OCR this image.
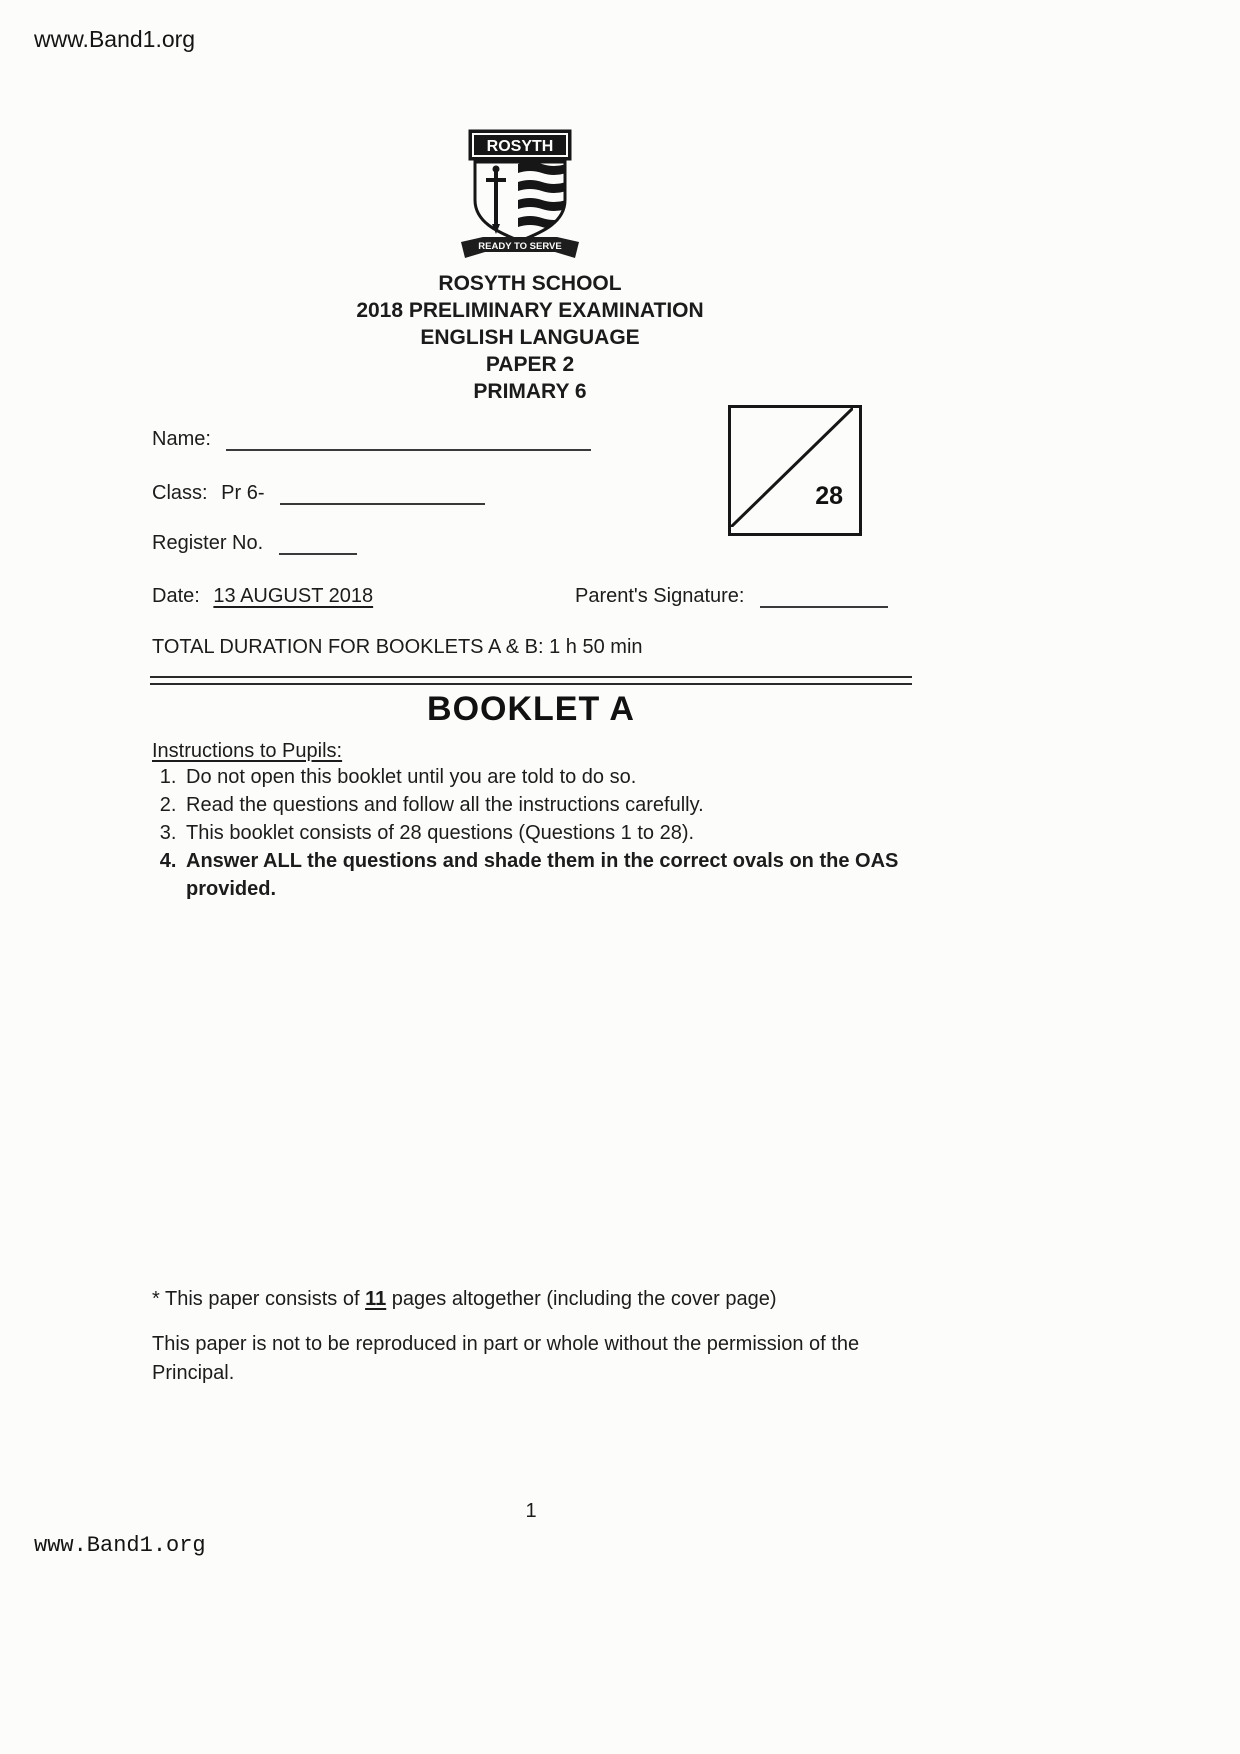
www.Band1.org
ROSYTH
READY TO SERVE
ROSYTH SCHOOL
2018 PRELIMINARY EXAMINATION
ENGLISH LANGUAGE
PAPER 2
PRIMARY 6
Name:
Class: Pr 6-
Register No.
Date: 13 AUGUST 2018	Parent's Signature:
TOTAL DURATION FOR BOOKLETS A & B: 1 h 50 min
28
BOOKLET A
Instructions to Pupils:
1. Do not open this booklet until you are told to do so.
2. Read the questions and follow all the instructions carefully.
3. This booklet consists of 28 questions (Questions 1 to 28).
4. Answer ALL the questions and shade them in the correct ovals on the OAS provided.
* This paper consists of 11 pages altogether (including the cover page)
This paper is not to be reproduced in part or whole without the permission of the Principal.
1
www.Band1.org
